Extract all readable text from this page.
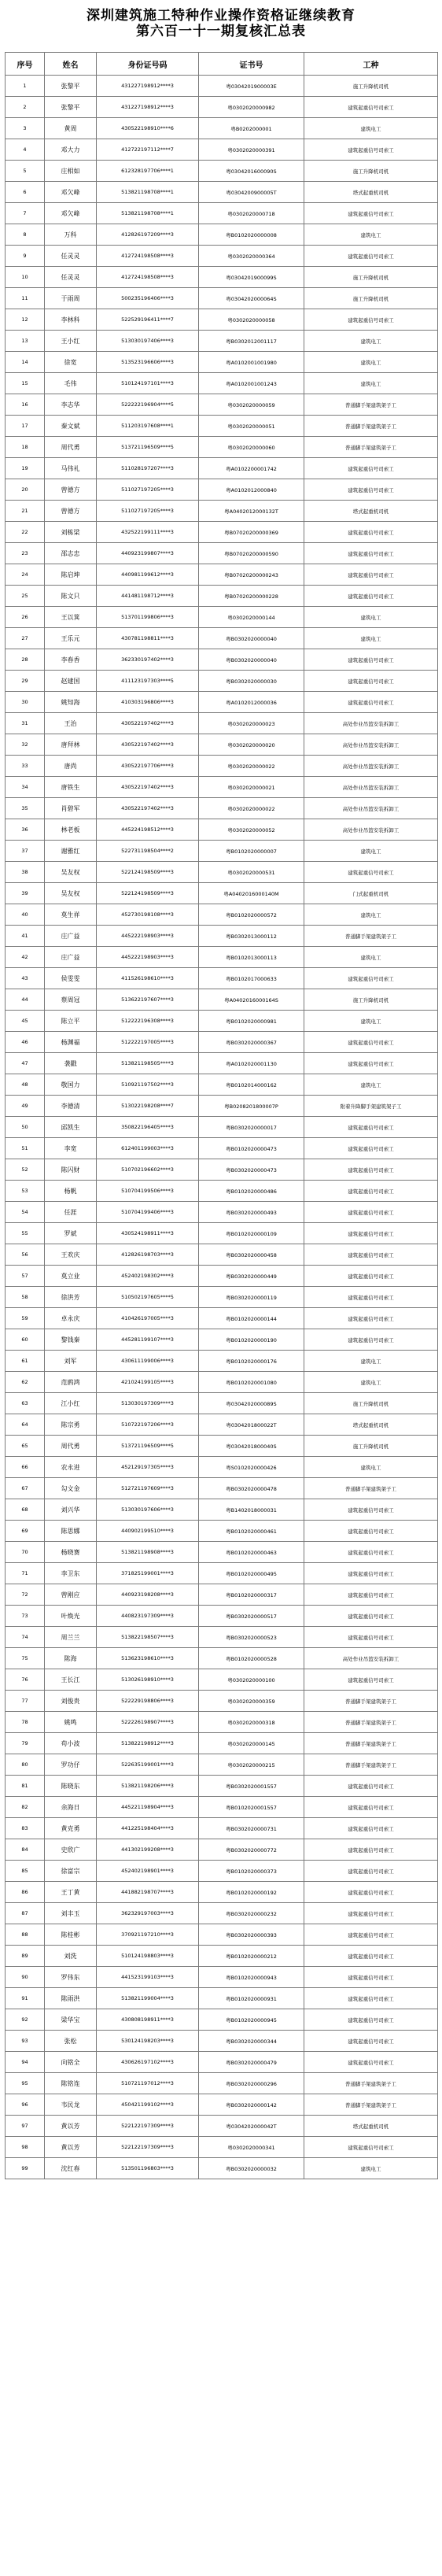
深圳建筑施工特种作业操作资格证继续教育
第六百一十一期复核汇总表
序号	姓名	身份证号码	证书号	工种
1	张黎平	431227198912****3	粤0304201900003E	施工升降机司机
2	张黎平	431227198912****3	粤0302020000982	建筑起重信号司索工
3	黄周	430522198910****6	粤B0202000001	建筑电工
4	邓大力	412722197112****7	粤0302020000391	建筑起重信号司索工
5	庄相如	612328197706****1	粤0304201600090S	施工升降机司机
6	邓欠峰	513821198708****1	粤0304200900005T	塔式起重机司机
7	邓欠峰	513821198708****1	粤0302020000718	建筑起重信号司索工
8	万科	412826197209****3	粤B0102020000008	建筑电工
9	任灵灵	412724198508****3	粤0302020000364	建筑起重信号司索工
10	任灵灵	412724198508****3	粤0304201900099S	施工升降机司机
11	于雨周	500235196406****3	粤0304202000064S	施工升降机司机
12	李林科	522529196411****7	粤0302020000058	建筑起重信号司索工
13	王小红	513030197406****3	粤B0302012001117	建筑电工
14	徐宽	513523196606****3	粤A0102001001980	建筑电工
15	毛伟	510124197101****3	粤A0102001001243	建筑电工
16	李志华	522222196904****5	粤0302020000059	普通脚手架建筑架子工
17	秦文斌	511203197608****1	粤0302020000051	普通脚手架建筑架子工
18	周代勇	513721196509****5	粤0302020000060	普通脚手架建筑架子工
19	马伟礼	511028197207****3	粤A0102200001742	建筑起重信号司索工
20	曾德方	511027197205****3	粤A0102012000840	建筑起重信号司索工
21	曾德方	511027197205****3	粤A0402012000132T	塔式起重机司机
22	刘栋梁	432522199111****3	粤B07020200000369	建筑起重信号司索工
23	邵志忠	440923199807****3	粤B07020200000590	建筑起重信号司索工
24	陈启坤	440981199612****3	粤B07020200000243	建筑起重信号司索工
25	陈文只	441481198712****3	粤B07020200000228	建筑起重信号司索工
26	王以箕	513701199806****3	粤0302020000144	建筑电工
27	王乐元	430781198811****3	粤B0302020000040	建筑电工
28	李春香	362330197402****3	粤B0302020000040	建筑起重信号司索工
29	赵建国	411123197303****5	粤B0302020000030	建筑起重信号司索工
30	姚知海	410303196806****3	粤A0102012000036	建筑起重信号司索工
31	王治	430522197402****3	粤0302020000023	高处作业吊篮安装拆卸工
32	唐拜林	430522197402****3	粤0302020000020	高处作业吊篮安装拆卸工
33	唐尚	430522197706****3	粤0302020000022	高处作业吊篮安装拆卸工
34	唐铁生	430522197402****3	粤0302020000021	高处作业吊篮安装拆卸工
35	肖碧军	430522197402****3	粤0302020000022	高处作业吊篮安装拆卸工
36	林老板	445224198512****3	粤0302020000052	高处作业吊篮安装拆卸工
37	谢雅红	522731198504****2	粤B0102020000007	建筑电工
38	吴友权	522124198509****3	粤0302020000531	建筑起重信号司索工
39	吴友权	522124198509****3	粤A0402016000140M	门式起重机司机
40	莫生祥	452730198108****3	粤B0102020000572	建筑电工
41	庄广益	445222198903****3	粤B0302013000112	普通脚手架建筑架子工
42	庄广益	445222198903****3	粤B0102013000113	建筑电工
43	侯雯雯	411526198610****3	粤B0102017000633	建筑起重信号司索工
44	蔡周冠	513622197607****3	粤A0402016000164S	施工升降机司机
45	陈立平	512222196308****3	粤B0102020000981	建筑电工
46	杨渊福	512222197005****3	粤B0302020000367	建筑起重信号司索工
47	袭戳	513821198505****3	粤A0102020001130	建筑起重信号司索工
48	敬国力	510921197502****3	粤B0102014000162	建筑电工
49	李德清	513022198208****7	粤B0208201800007P	附着升降脚手架建筑架子工
50	邱凯生	350822196405****3	粤B0302020000017	建筑起重信号司索工
51	李宽	612401199003****3	粤B0102020000473	建筑起重信号司索工
52	陈闪财	510702196602****3	粤B0302020000473	建筑起重信号司索工
53	杨帆	510704199506****3	粤B0102020000486	建筑起重信号司索工
54	任涯	510704199406****3	粤B0302020000493	建筑起重信号司索工
55	罗斌	430524198911****3	粤B0102020000109	建筑起重信号司索工
56	王欢庆	412826198703****3	粤B0302020000458	建筑起重信号司索工
57	莫立业	452402198302****3	粤B0302020000449	建筑起重信号司索工
58	徐洪芳	510502197605****5	粤B0302020000119	建筑起重信号司索工
59	卓永庆	410426197005****3	粤B0102020000144	建筑起重信号司索工
60	黎钱秦	445281199107****3	粤B0102020000190	建筑起重信号司索工
61	刘军	430611199006****3	粤B0102020000176	建筑电工
62	范鸥鸿	421024199105****3	粤B0102020001080	建筑电工
63	江小红	513030197309****3	粤0304202000089S	施工升降机司机
64	陈宗勇	510722197206****3	粤0304201800022T	塔式起重机司机
65	周代勇	513721196509****5	粤0304201800040S	施工升降机司机
66	农永进	452129197305****3	粤S0102020000426	建筑电工
67	勾文金	512721197609****3	粤B0302020000478	普通脚手架建筑架子工
68	刘兴华	513030197606****3	粤B1402018000031	建筑起重信号司索工
69	陈思娜	440902199510****3	粤B0102020000461	建筑起重信号司索工
70	杨晓赛	513821198908****3	粤B0102020000463	建筑起重信号司索工
71	李卫东	371825199001****3	粤B0102020000495	建筑起重信号司索工
72	曾刚应	440923198208****3	粤B0102020000317	建筑起重信号司索工
73	叶焕光	440823197309****3	粤B0302020000517	建筑起重信号司索工
74	周兰兰	513822198507****3	粤B0302020000523	建筑起重信号司索工
75	陈海	513623198610****3	粤B0102020000528	高处作业吊篮安装拆卸工
76	王长江	513026198910****3	粤0302020000100	建筑起重信号司索工
77	刘俊贵	522229198806****3	粤0302020000359	普通脚手架建筑架子工
78	姚鸣	522226198907****3	粤0302020000318	普通脚手架建筑架子工
79	苟小波	513822198912****3	粤0302020000145	普通脚手架建筑架子工
80	罗功仔	522635199001****3	粤0302020000215	普通脚手架建筑架子工
81	陈晓东	513821198206****3	粤B0302020001557	建筑起重信号司索工
82	余海日	445221198904****3	粤B0102020001557	建筑起重信号司索工
83	黄克勇	441225198404****3	粤B0302020000731	建筑起重信号司索工
84	史欣广	441302199208****3	粤B0302020000772	建筑起重信号司索工
85	徐富宗	452402198901****3	粤B0102020000373	建筑起重信号司索工
86	王丁黄	441882198707****3	粤B0102020000192	建筑起重信号司索工
87	刘丰玉	362329197003****3	粤B0302020000232	建筑起重信号司索工
88	陈桂彬	370921197210****3	粤B0302020000393	建筑起重信号司索工
89	刘洗	510124198803****3	粤B0102020000212	建筑起重信号司索工
90	罗伟东	441523199103****3	粤B0102020000943	建筑起重信号司索工
91	陈雨洪	513821199004****3	粤B0102020000931	建筑起重信号司索工
92	梁华宝	430808198911****3	粤B0102020000945	建筑起重信号司索工
93	张松	530124198203****3	粤B0302020000344	建筑起重信号司索工
94	向铭全	430626197102****3	粤B0302020000479	建筑起重信号司索工
95	陈铭连	510721197012****3	粤B0302020000296	普通脚手架建筑架子工
96	韦民龙	450421199102****3	粤B0302020000142	普通脚手架建筑架子工
97	黄以芳	522122197309****3	粤0304202000042T	塔式起重机司机
98	黄以芳	522122197309****3	粤0302020000341	建筑起重信号司索工
99	沈红春	513501196803****3	粤B0302020000032	建筑电工
